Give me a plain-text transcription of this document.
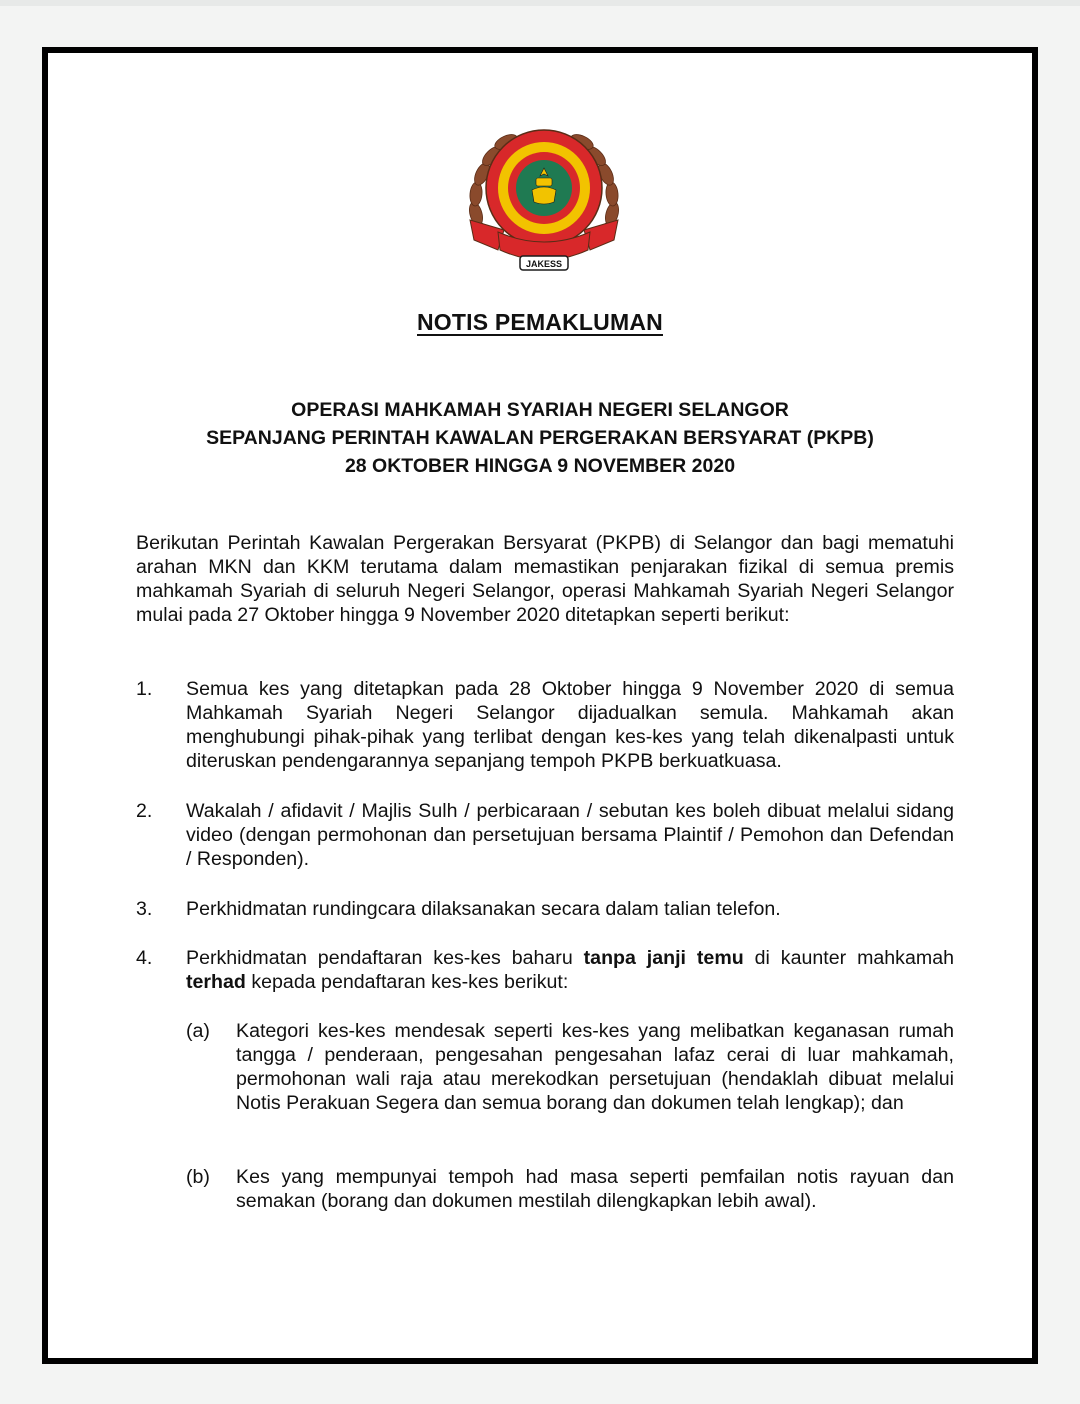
JAKESS
NOTIS PEMAKLUMAN
OPERASI MAHKAMAH SYARIAH NEGERI SELANGOR
SEPANJANG PERINTAH KAWALAN PERGERAKAN BERSYARAT (PKPB)
28 OKTOBER HINGGA 9 NOVEMBER 2020
Berikutan Perintah Kawalan Pergerakan Bersyarat (PKPB) di Selangor dan bagi mematuhi arahan MKN dan KKM terutama dalam memastikan penjarakan fizikal di semua premis mahkamah Syariah di seluruh Negeri Selangor, operasi Mahkamah Syariah Negeri Selangor mulai pada 27 Oktober hingga 9 November 2020 ditetapkan seperti berikut:
1. Semua kes yang ditetapkan pada 28 Oktober hingga 9 November 2020 di semua Mahkamah Syariah Negeri Selangor dijadualkan semula. Mahkamah akan menghubungi pihak-pihak yang terlibat dengan kes-kes yang telah dikenalpasti untuk diteruskan pendengarannya sepanjang tempoh PKPB berkuatkuasa.
2. Wakalah / afidavit / Majlis Sulh / perbicaraan / sebutan kes boleh dibuat melalui sidang video (dengan permohonan dan persetujuan bersama Plaintif / Pemohon dan Defendan / Responden).
3. Perkhidmatan rundingcara dilaksanakan secara dalam talian telefon.
4. Perkhidmatan pendaftaran kes-kes baharu tanpa janji temu di kaunter mahkamah terhad kepada pendaftaran kes-kes berikut:
(a) Kategori kes-kes mendesak seperti kes-kes yang melibatkan keganasan rumah tangga / penderaan, pengesahan pengesahan lafaz cerai di luar mahkamah, permohonan wali raja atau merekodkan persetujuan (hendaklah dibuat melalui Notis Perakuan Segera dan semua borang dan dokumen telah lengkap); dan
(b) Kes yang mempunyai tempoh had masa seperti pemfailan notis rayuan dan semakan (borang dan dokumen mestilah dilengkapkan lebih awal).
